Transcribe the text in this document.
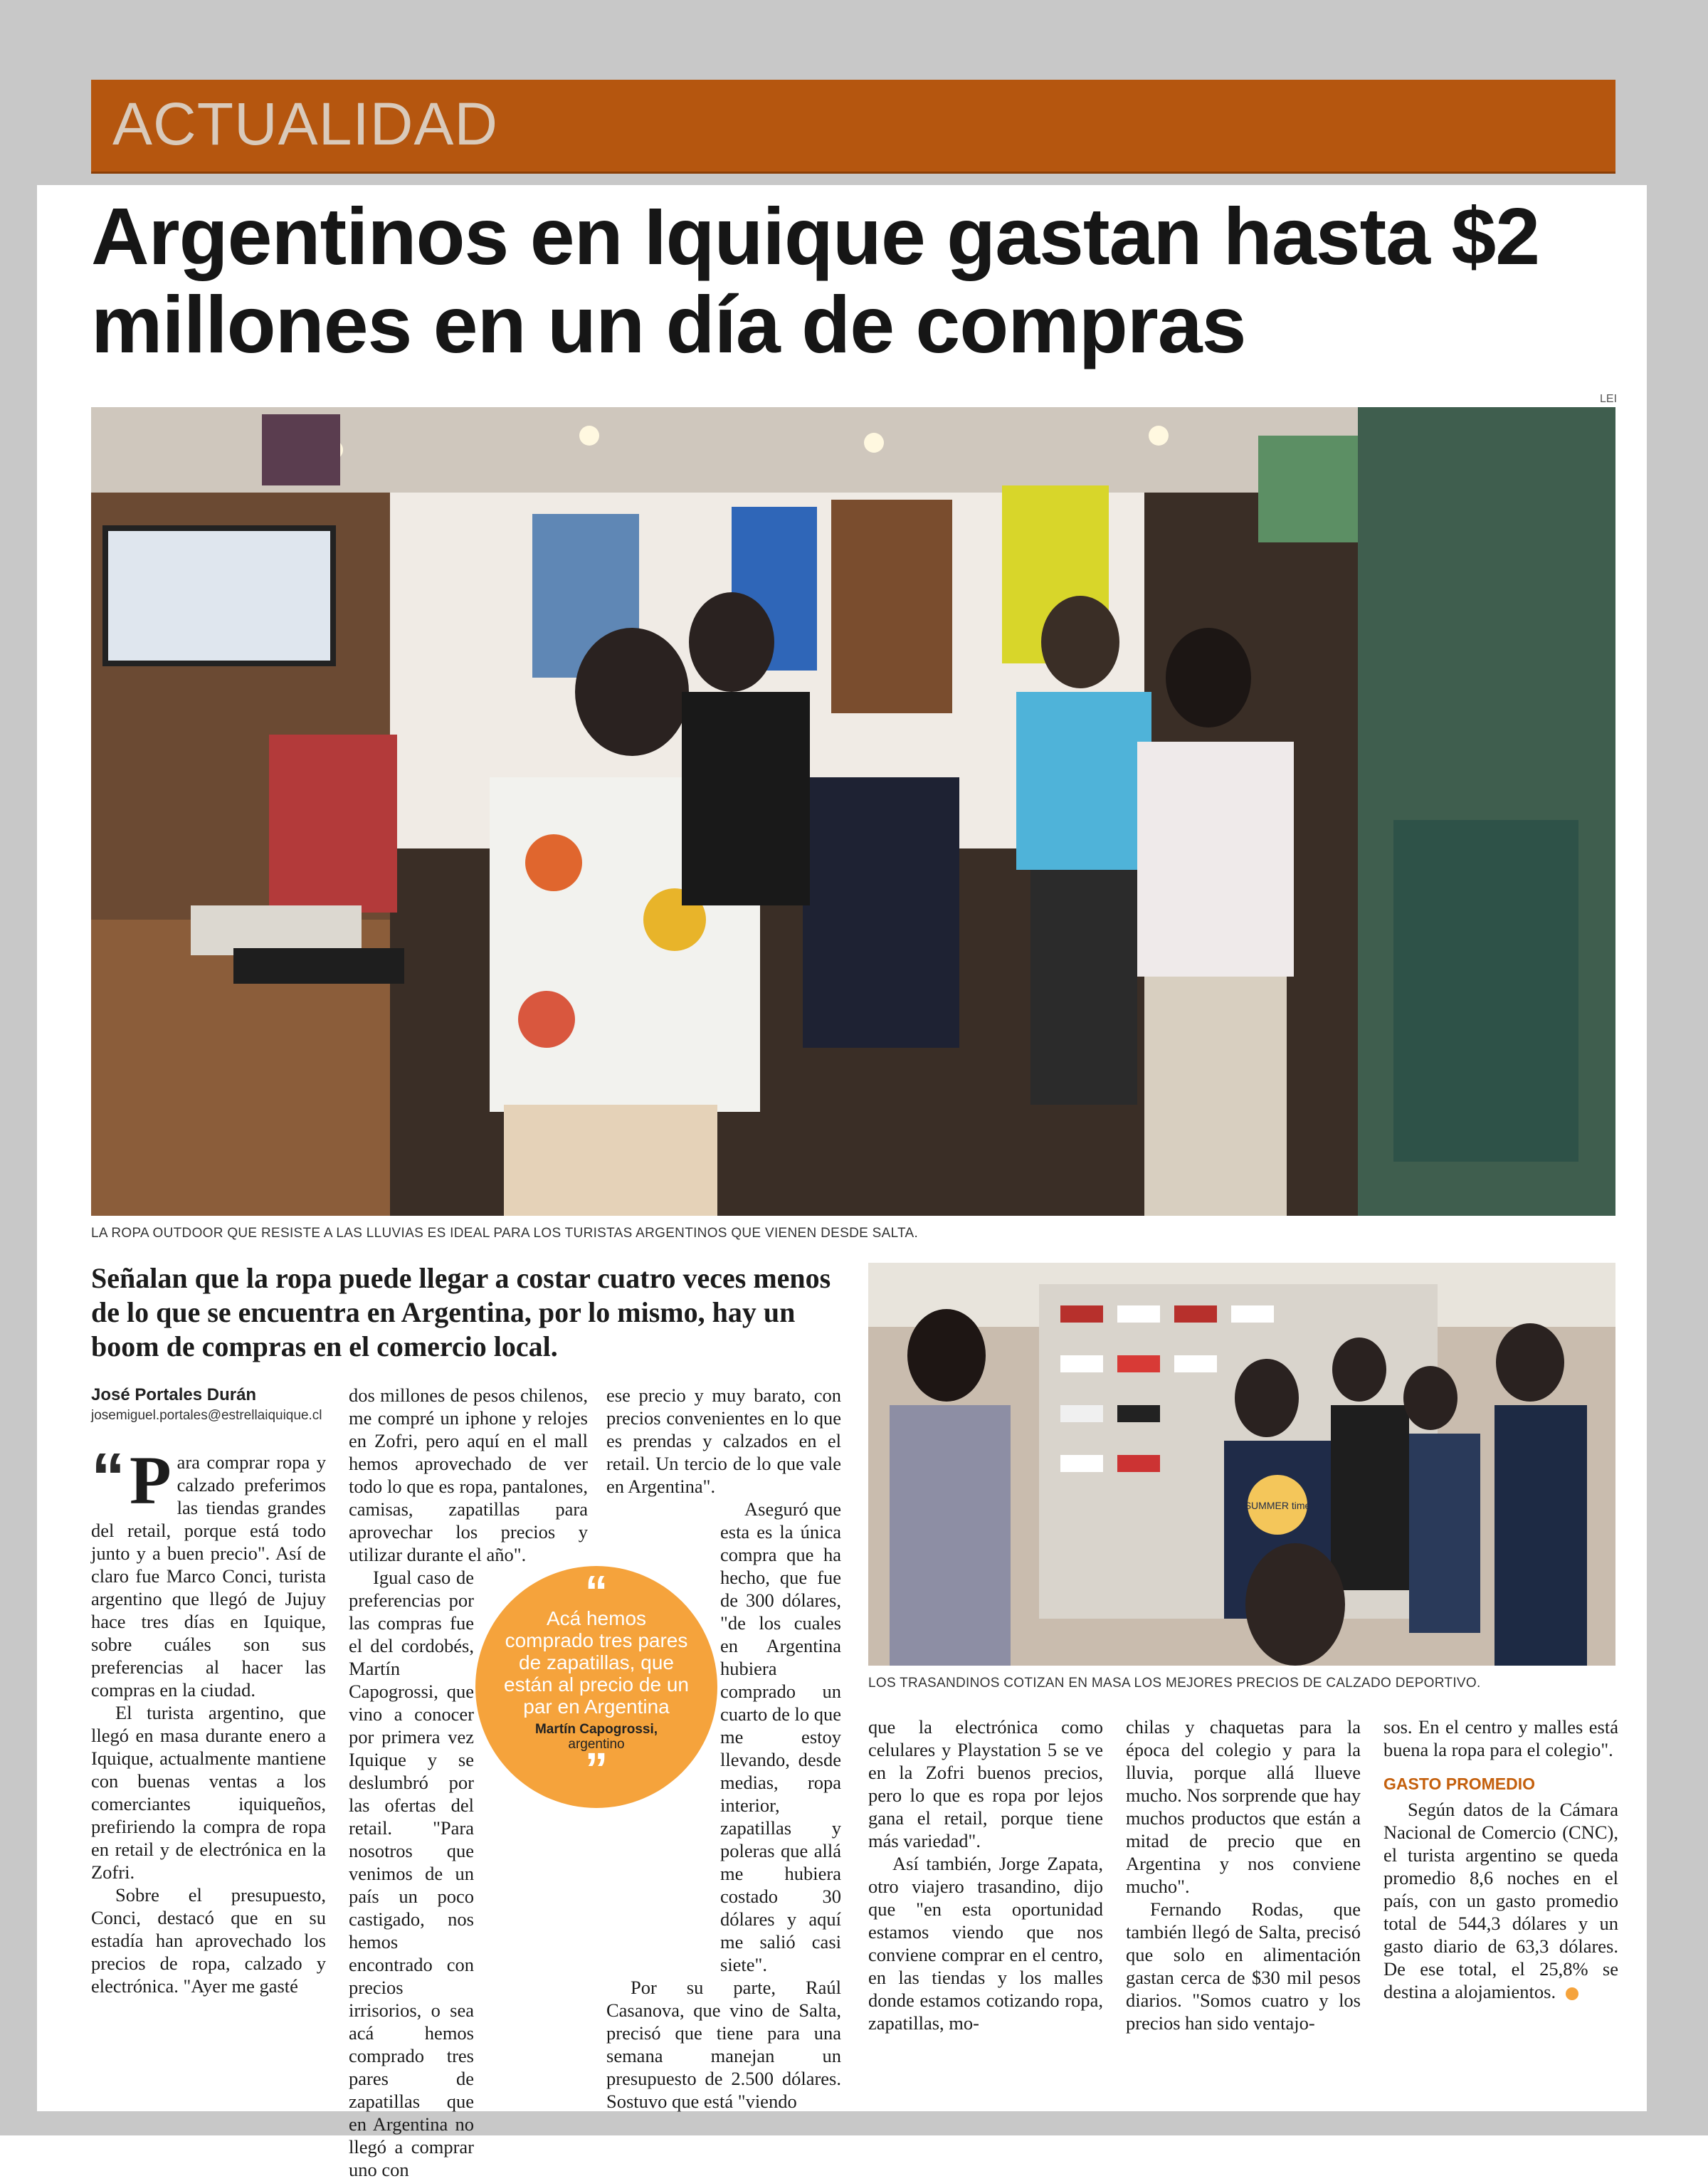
ACTUALIDAD
Argentinos en Iquique gastan hasta $2 millones en un día de compras
LEI
LA ROPA OUTDOOR QUE RESISTE A LAS LLUVIAS ES IDEAL PARA LOS TURISTAS ARGENTINOS QUE VIENEN DESDE SALTA.
Señalan que la ropa puede llegar a costar cuatro veces menos de lo que se encuentra en Argentina, por lo mismo, hay un boom de compras en el comercio local.
SUMMER time
LOS TRASANDINOS COTIZAN EN MASA LOS MEJORES PRECIOS DE CALZADO DEPORTIVO.
José Portales Durán
josemiguel.portales@estrellaiquique.cl

“ P ara comprar ropa y calzado preferimos las tiendas grandes del retail, porque está todo junto y a buen precio". Así de claro fue Marco Conci, turista argentino que llegó de Jujuy hace tres días en Iquique, sobre cuáles son sus preferencias al hacer las compras en la ciudad.

El turista argentino, que llegó en masa durante enero a Iquique, actualmente mantiene con buenas ventas a los comerciantes iquiqueños, prefiriendo la compra de ropa en retail y de electrónica en la Zofri.

Sobre el presupuesto, Conci, destacó que en su estadía han aprovechado los precios de ropa, calzado y electrónica. "Ayer me gasté

dos millones de pesos chilenos, me compré un iphone y relojes en Zofri, pero aquí en el mall hemos aprovechado de ver todo lo que es ropa, pantalones, camisas, zapatillas para aprovechar los precios y utilizar durante el año".

Igual caso de preferencias por las compras fue el del cordobés, Martín Capogrossi, que vino a conocer por primera vez Iquique y se deslumbró por las ofertas del retail. "Para nosotros que venimos de un país un poco castigado, nos hemos encontrado con precios irrisorios, o sea acá hemos comprado tres pares de zapatillas que en Argentina no llegó a comprar uno con

ese precio y muy barato, con precios convenientes en lo que es prendas y calzados en el retail. Un tercio de lo que vale en Argentina".

Aseguró que esta es la única compra que ha hecho, que fue de 300 dólares, "de los cuales en Argentina hubiera comprado un cuarto de lo que me estoy llevando, desde medias, ropa interior, zapatillas y poleras que allá me hubiera costado 30 dólares y aquí me salió casi siete".

Por su parte, Raúl Casanova, que vino de Salta, precisó que tiene para una semana manejan un presupuesto de 2.500 dólares. Sostuvo que está "viendo

“
Acá hemos comprado tres pares de zapatillas, que están al precio de un par en Argentina
Martín Capogrossi,
argentino
”

que la electrónica como celulares y Playstation 5 se ve en la Zofri buenos precios, pero lo que es ropa por lejos gana el retail, porque tiene más variedad".

Así también, Jorge Zapata, otro viajero trasandino, dijo que "en esta oportunidad estamos viendo que nos conviene comprar en el centro, en las tiendas y los malles donde estamos cotizando ropa, zapatillas, mo-

chilas y chaquetas para la época del colegio y para la lluvia, porque allá llueve mucho. Nos sorprende que hay muchos productos que están a mitad de precio que en Argentina y nos conviene mucho".

Fernando Rodas, que también llegó de Salta, precisó que solo en alimentación gastan cerca de $30 mil pesos diarios. "Somos cuatro y los precios han sido ventajo-

sos. En el centro y malles está buena la ropa para el colegio".

GASTO PROMEDIO

Según datos de la Cámara Nacional de Comercio (CNC), el turista argentino se queda promedio 8,6 noches en el país, con un gasto promedio total de 544,3 dólares y un gasto diario de 63,3 dólares. De ese total, el 25,8% se destina a alojamientos.
